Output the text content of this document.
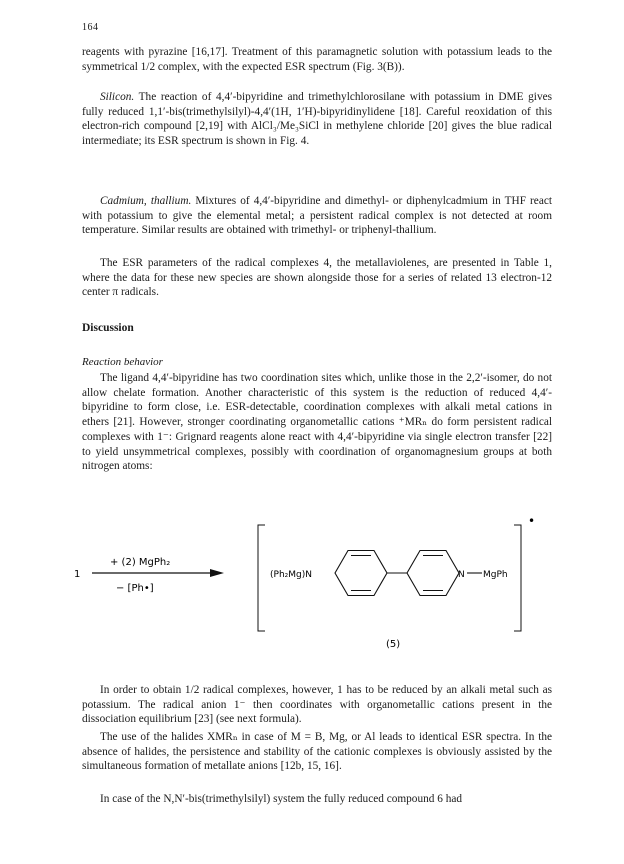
164

reagents with pyrazine [16,17]. Treatment of this paramagnetic solution with potassium leads to the symmetrical 1/2 complex, with the expected ESR spectrum (Fig. 3(B)).

Silicon. The reaction of 4,4′-bipyridine and trimethylchlorosilane with potassium in DME gives fully reduced 1,1′-bis(trimethylsilyl)-4,4′(1H, 1′H)-bipyridinylidene [18]. Careful reoxidation of this electron-rich compound [2,19] with AlCl₃/Me₃SiCl in methylene chloride [20] gives the blue radical intermediate; its ESR spectrum is shown in Fig. 4.

Cadmium, thallium. Mixtures of 4,4′-bipyridine and dimethyl- or diphenylcadmium in THF react with potassium to give the elemental metal; a persistent radical complex is not detected at room temperature. Similar results are obtained with trimethyl- or triphenyl-thallium.

The ESR parameters of the radical complexes 4, the metallaviolenes, are presented in Table 1, where the data for these new species are shown alongside those for a series of related 13 electron-12 center π radicals.

Discussion
Reaction behavior

The ligand 4,4′-bipyridine has two coordination sites which, unlike those in the 2,2′-isomer, do not allow chelate formation. Another characteristic of this system is the reduction of reduced 4,4′-bipyridine to form close, i.e. ESR-detectable, coordination complexes with alkali metal cations in ethers [21]. However, stronger coordinating organometallic cations ⁺MRₙ do form persistent radical complexes with 1⁻: Grignard reagents alone react with 4,4′-bipyridine via single electron transfer [22] to yield unsymmetrical complexes, possibly with coordination of organomagnesium groups at both nitrogen atoms:

1
+ (2) MgPh₂
− [Ph•]
•
(Ph₂Mg)N	N MgPh
(5)

In order to obtain 1/2 radical complexes, however, 1 has to be reduced by an alkali metal such as potassium. The radical anion 1⁻ then coordinates with organometallic cations present in the dissociation equilibrium [23] (see next formula).

The use of the halides XMRₙ in case of M = B, Mg, or Al leads to identical ESR spectra. In the absence of halides, the persistence and stability of the cationic complexes is obviously assisted by the simultaneous formation of metallate anions [12b, 15, 16].

In case of the N,N′-bis(trimethylsilyl) system the fully reduced compound 6 had
